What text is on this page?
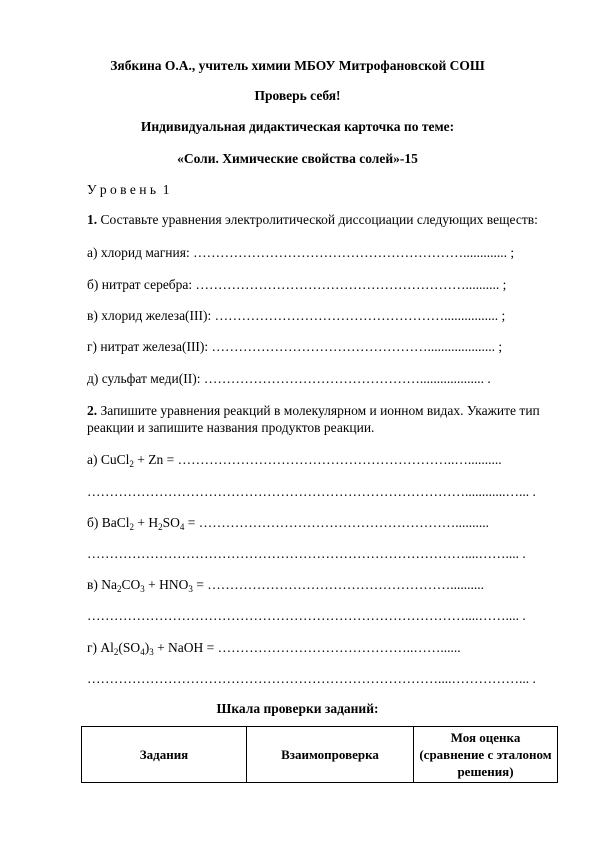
Зябкина О.А., учитель химии МБОУ Митрофановской СОШ
Проверь себя!
Индивидуальная дидактическая карточка по теме:
«Соли. Химические свойства солей»-15
У р о в е н ь  1
1. Составьте уравнения электролитической диссоциации следующих веществ:
а) хлорид магния: ……………………………………………………............. ;
б) нитрат серебра: …………………………………………………….......... ;
в) хлорид железа(III): ……………………………………………................ ;
г) нитрат железа(III): ………………………………………….................... ;
д) сульфат меди(II): …………………………………………................... .
2. Запишите уравнения реакций в молекулярном и ионном видах. Укажите тип
реакции и запишите названия продуктов реакции.
а) CuCl$_2$ + Zn = ……………………………………………………..…..........
…………………………………………………………………………............…... .
б) BaCl$_2$ + $H_2SO_4$ = …………………………………………………..........
…………………………………………………………………………....…….... .
в) $Na_2CO_3 + HNO_3$ = ………………………………………………..........
…………………………………………………………………………....…….... .
г) $Al_2(SO_4)_3$ + NaOH = ……………………………………..……......
……………………………………………………………………....……………... .
Шкала проверки заданий:
Задания	Взаимопроверка	Моя оценка (сравнение с эталоном решения)
